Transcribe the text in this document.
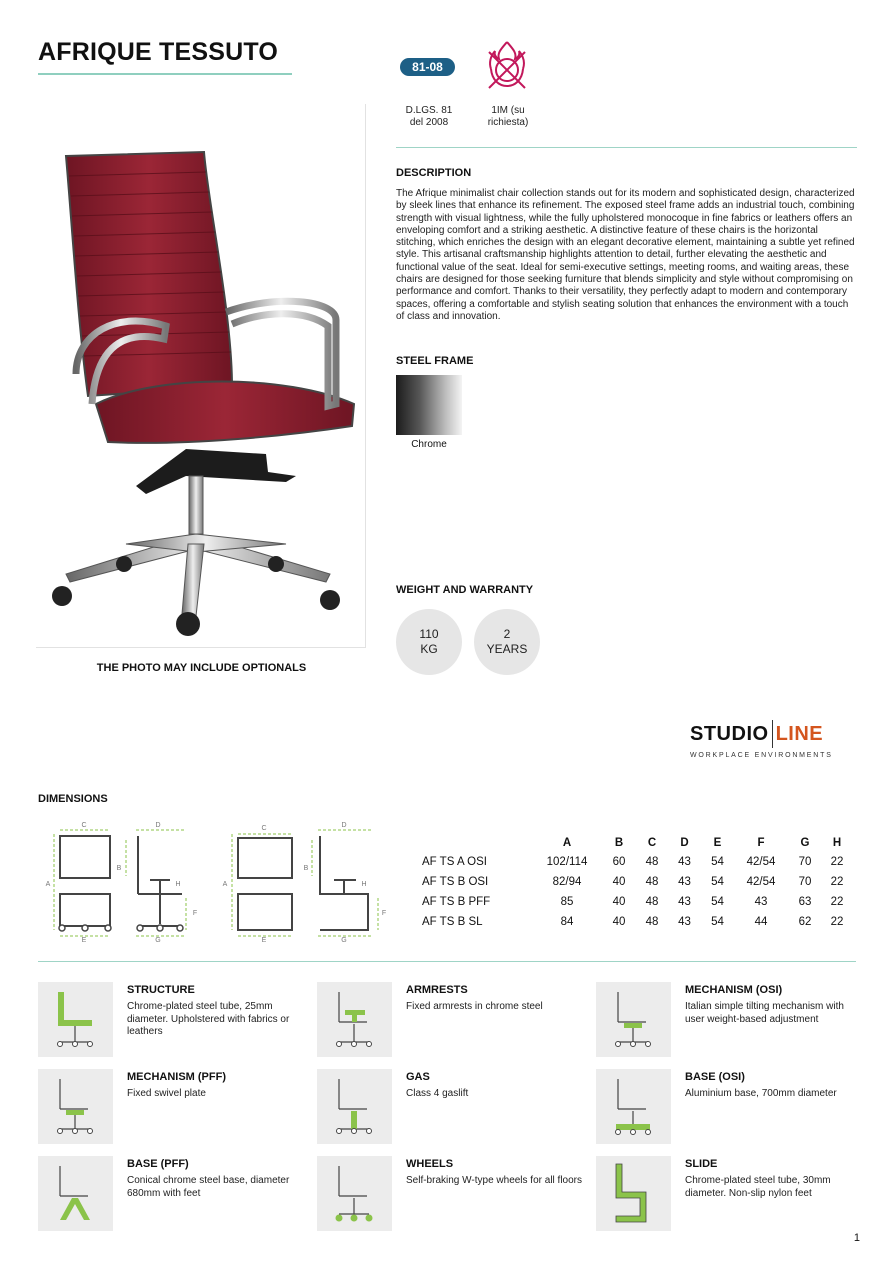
AFRIQUE TESSUTO
81-08
D.LGS. 81
del 2008
1IM (su
richiesta)
THE PHOTO MAY INCLUDE OPTIONALS
DESCRIPTION
The Afrique minimalist chair collection stands out for its modern and sophisticated design, characterized by sleek lines that enhance its refinement. The exposed steel frame adds an industrial touch, combining strength with visual lightness, while the fully upholstered monocoque in fine fabrics or leathers offers an enveloping comfort and a striking aesthetic. A distinctive feature of these chairs is the horizontal stitching, which enriches the design with an elegant decorative element, maintaining a subtle yet refined style. This artisanal craftsmanship highlights attention to detail, further elevating the aesthetic and functional value of the seat. Ideal for semi-executive settings, meeting rooms, and waiting areas, these chairs are designed for those seeking furniture that blends simplicity and style without compromising on performance and comfort. Thanks to their versatility, they perfectly adapt to modern and contemporary spaces, offering a comfortable and stylish seating solution that enhances the environment with a touch of class and innovation.
STEEL FRAME
Chrome
WEIGHT AND WARRANTY
110
KG
2
YEARS
STUDIO LINE
WORKPLACE ENVIRONMENTS
DIMENSIONS
C	D
B
A	H
F
E	G
C	D
B
A	H
F
E	G
	A	B	C	D	E	F	G	H
AF TS A OSI	102/114	60	48	43	54	42/54	70	22
AF TS B OSI	82/94	40	48	43	54	42/54	70	22
AF TS B PFF	85	40	48	43	54	43	63	22
AF TS B SL	84	40	48	43	54	44	62	22
STRUCTURE
Chrome-plated steel tube, 25mm diameter. Upholstered with fabrics or leathers
ARMRESTS
Fixed armrests in chrome steel
MECHANISM (OSI)
Italian simple tilting mechanism with user weight-based adjustment
MECHANISM (PFF)
Fixed swivel plate
GAS
Class 4 gaslift
BASE (OSI)
Aluminium base, 700mm diameter
BASE (PFF)
Conical chrome steel base, diameter 680mm with feet
WHEELS
Self-braking W-type wheels for all floors
SLIDE
Chrome-plated steel tube, 30mm diameter. Non-slip nylon feet
1
